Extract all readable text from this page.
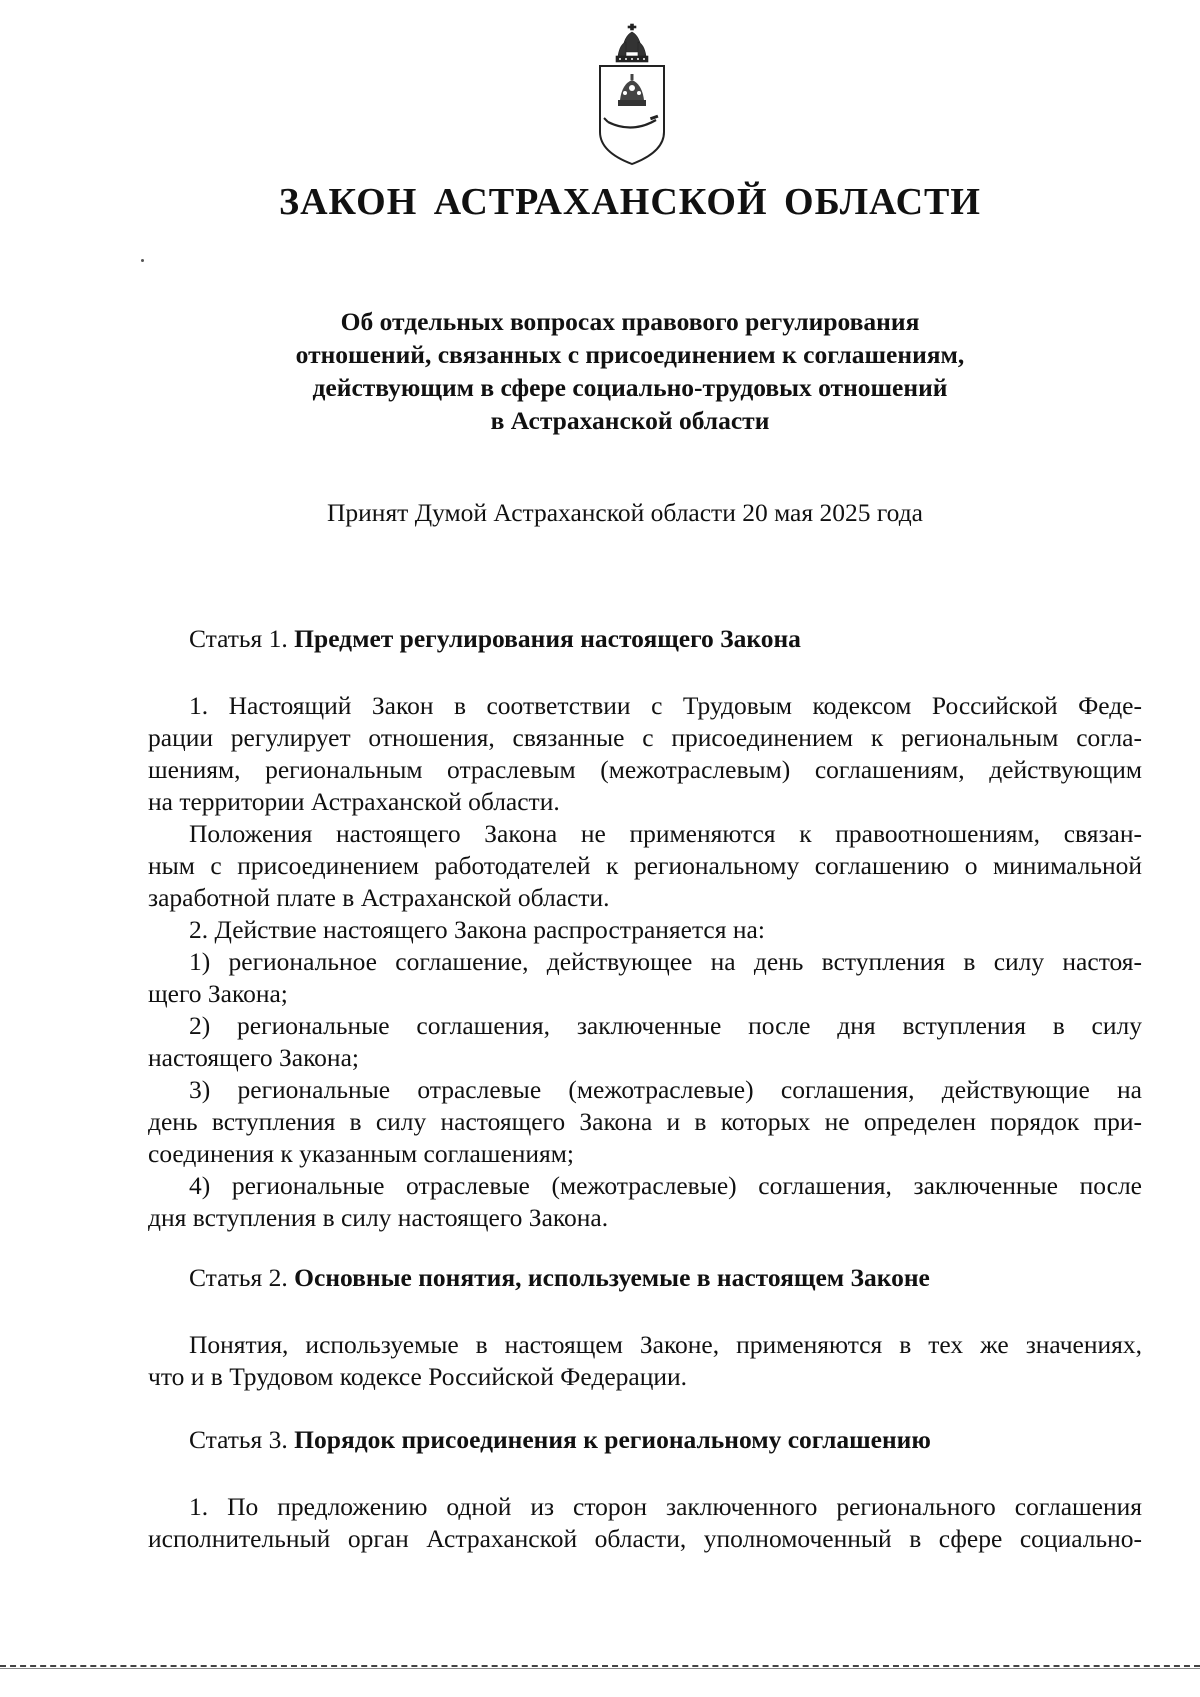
ЗАКОН АСТРАХАНСКОЙ ОБЛАСТИ
Об отдельных вопросах правового регулирования
отношений, связанных с присоединением к соглашениям,
действующим в сфере социально-трудовых отношений
в Астраханской области
Принят Думой Астраханской области 20 мая 2025 года
Статья 1. Предмет регулирования настоящего Закона
1. Настоящий Закон в соответствии с Трудовым кодексом Российской Феде-
рации регулирует отношения, связанные с присоединением к региональным согла-
шениям, региональным отраслевым (межотраслевым) соглашениям, действующим
на территории Астраханской области.
Положения настоящего Закона не применяются к правоотношениям, связан-
ным с присоединением работодателей к региональному соглашению о минимальной
заработной плате в Астраханской области.
2. Действие настоящего Закона распространяется на:
1) региональное соглашение, действующее на день вступления в силу настоя-
щего Закона;
2) региональные соглашения, заключенные после дня вступления в силу
настоящего Закона;
3) региональные отраслевые (межотраслевые) соглашения, действующие на
день вступления в силу настоящего Закона и в которых не определен порядок при-
соединения к указанным соглашениям;
4) региональные отраслевые (межотраслевые) соглашения, заключенные после
дня вступления в силу настоящего Закона.
Статья 2. Основные понятия, используемые в настоящем Законе
Понятия, используемые в настоящем Законе, применяются в тех же значениях,
что и в Трудовом кодексе Российской Федерации.
Статья 3. Порядок присоединения к региональному соглашению
1. По предложению одной из сторон заключенного регионального соглашения
исполнительный орган Астраханской области, уполномоченный в сфере социально-
